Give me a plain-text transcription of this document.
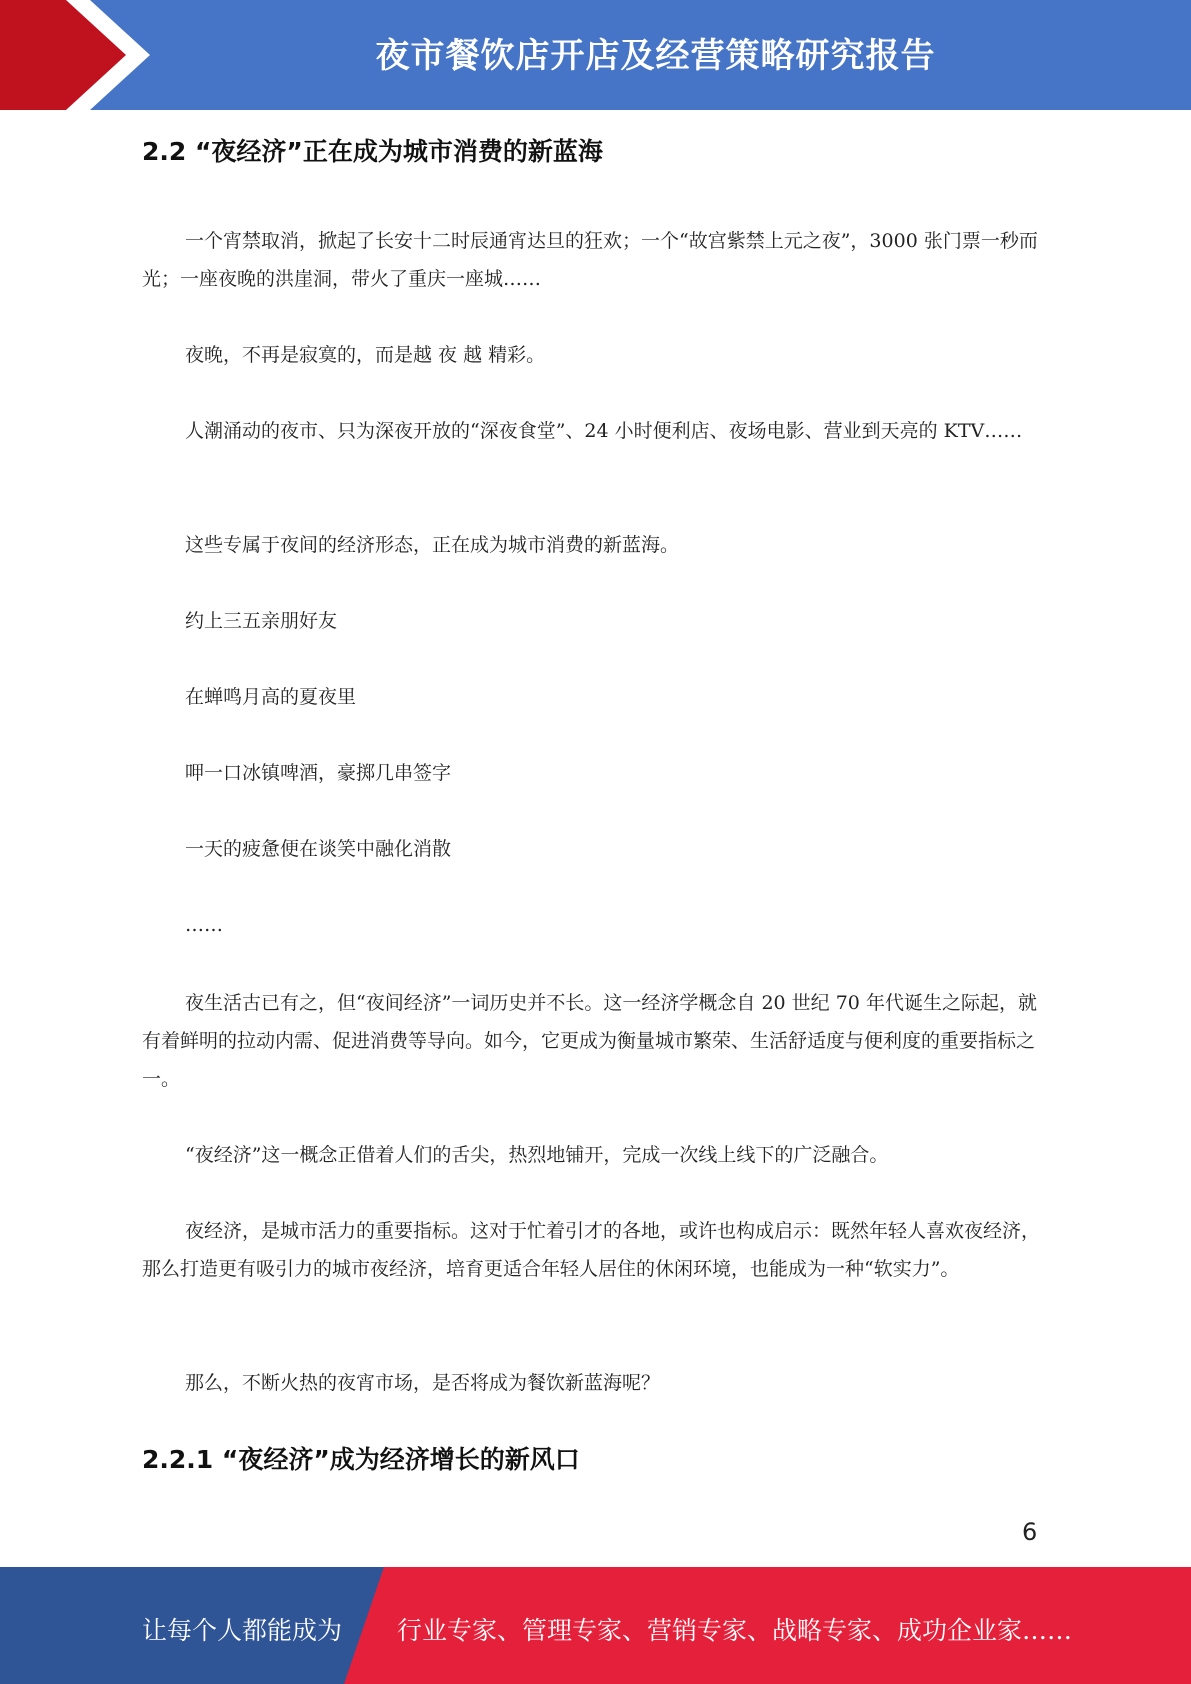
夜市餐饮店开店及经营策略研究报告
2.2 “夜经济”正在成为城市消费的新蓝海

一个宵禁取消，掀起了长安十二时辰通宵达旦的狂欢；一个“故宫紫禁上元之夜”，3000 张门票一秒而光；一座夜晚的洪崖洞，带火了重庆一座城……

夜晚，不再是寂寞的，而是越 夜 越 精彩。

人潮涌动的夜市、只为深夜开放的“深夜食堂”、24 小时便利店、夜场电影、营业到天亮的 KTV……

这些专属于夜间的经济形态，正在成为城市消费的新蓝海。

约上三五亲朋好友

在蝉鸣月高的夏夜里

呷一口冰镇啤酒，豪掷几串签字

一天的疲惫便在谈笑中融化消散

……

夜生活古已有之，但“夜间经济”一词历史并不长。这一经济学概念自 20 世纪 70 年代诞生之际起，就有着鲜明的拉动内需、促进消费等导向。如今，它更成为衡量城市繁荣、生活舒适度与便利度的重要指标之一。

“夜经济”这一概念正借着人们的舌尖，热烈地铺开，完成一次线上线下的广泛融合。

夜经济，是城市活力的重要指标。这对于忙着引才的各地，或许也构成启示：既然年轻人喜欢夜经济，那么打造更有吸引力的城市夜经济，培育更适合年轻人居住的休闲环境，也能成为一种“软实力”。

那么，不断火热的夜宵市场，是否将成为餐饮新蓝海呢？

2.2.1 “夜经济”成为经济增长的新风口
6
让每个人都能成为 行业专家、管理专家、营销专家、战略专家、成功企业家……
